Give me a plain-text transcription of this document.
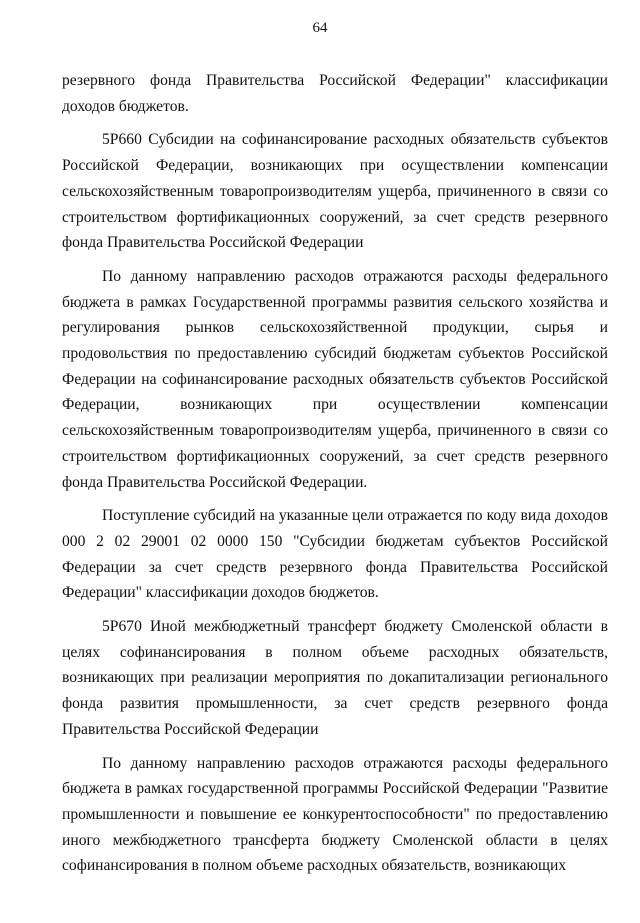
64

резервного фонда Правительства Российской Федерации" классификации доходов бюджетов.

5Р660 Субсидии на софинансирование расходных обязательств субъектов Российской Федерации, возникающих при осуществлении компенсации сельскохозяйственным товаропроизводителям ущерба, причиненного в связи со строительством фортификационных сооружений, за счет средств резервного фонда Правительства Российской Федерации

По данному направлению расходов отражаются расходы федерального бюджета в рамках Государственной программы развития сельского хозяйства и регулирования рынков сельскохозяйственной продукции, сырья и продовольствия по предоставлению субсидий бюджетам субъектов Российской Федерации на софинансирование расходных обязательств субъектов Российской Федерации, возникающих при осуществлении компенсации сельскохозяйственным товаропроизводителям ущерба, причиненного в связи со строительством фортификационных сооружений, за счет средств резервного фонда Правительства Российской Федерации.

Поступление субсидий на указанные цели отражается по коду вида доходов 000 2 02 29001 02 0000 150 "Субсидии бюджетам субъектов Российской Федерации за счет средств резервного фонда Правительства Российской Федерации" классификации доходов бюджетов.

5Р670 Иной межбюджетный трансферт бюджету Смоленской области в целях софинансирования в полном объеме расходных обязательств, возникающих при реализации мероприятия по докапитализации регионального фонда развития промышленности, за счет средств резервного фонда Правительства Российской Федерации

По данному направлению расходов отражаются расходы федерального бюджета в рамках государственной программы Российской Федерации "Развитие промышленности и повышение ее конкурентоспособности" по предоставлению иного межбюджетного трансферта бюджету Смоленской области в целях софинансирования в полном объеме расходных обязательств, возникающих
